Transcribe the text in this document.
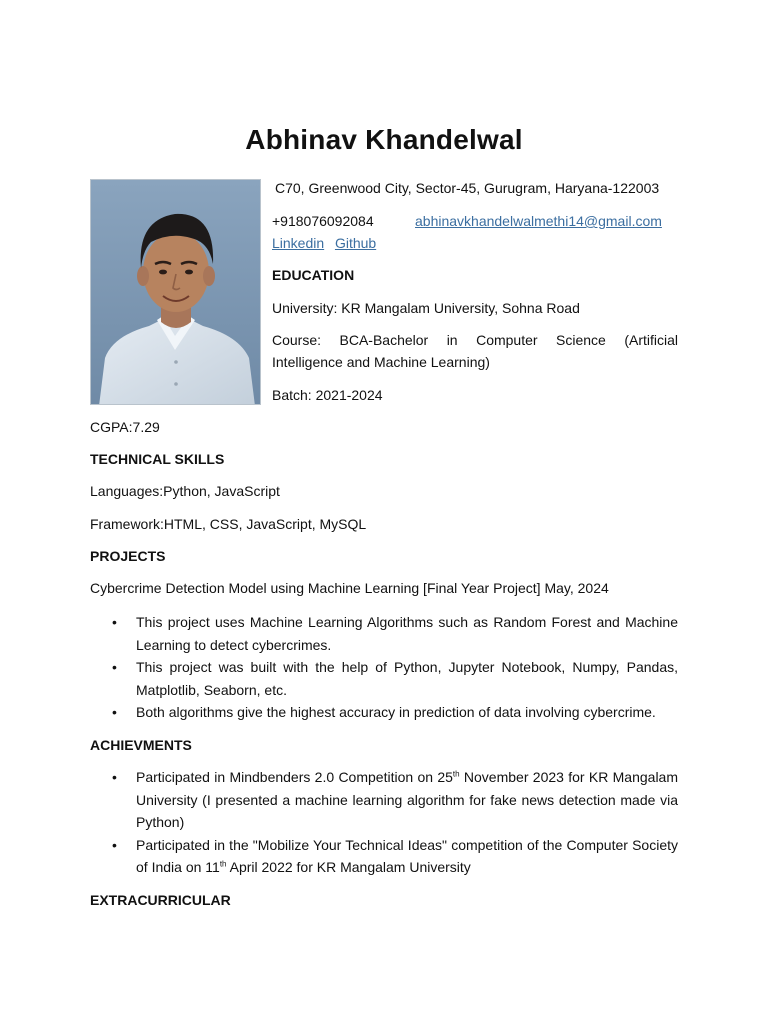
Abhinav Khandelwal
C70, Greenwood City, Sector-45, Gurugram, Haryana-122003
+918076092084	abhinavkhandelwalmethi14@gmail.com
Linkedin Github
EDUCATION
University: KR Mangalam University, Sohna Road
Course: BCA-Bachelor in Computer Science (Artificial Intelligence and Machine Learning)
Batch: 2021-2024
CGPA:7.29
TECHNICAL SKILLS
Languages:Python, JavaScript
Framework:HTML, CSS, JavaScript, MySQL
PROJECTS
Cybercrime Detection Model using Machine Learning [Final Year Project] May, 2024
• This project uses Machine Learning Algorithms such as Random Forest and Machine Learning to detect cybercrimes.
• This project was built with the help of Python, Jupyter Notebook, Numpy, Pandas, Matplotlib, Seaborn, etc.
• Both algorithms give the highest accuracy in prediction of data involving cybercrime.
ACHIEVMENTS
• Participated in Mindbenders 2.0 Competition on 25th November 2023 for KR Mangalam University (I presented a machine learning algorithm for fake news detection made via Python)
• Participated in the "Mobilize Your Technical Ideas" competition of the Computer Society of India on 11th April 2022 for KR Mangalam University
EXTRACURRICULAR
